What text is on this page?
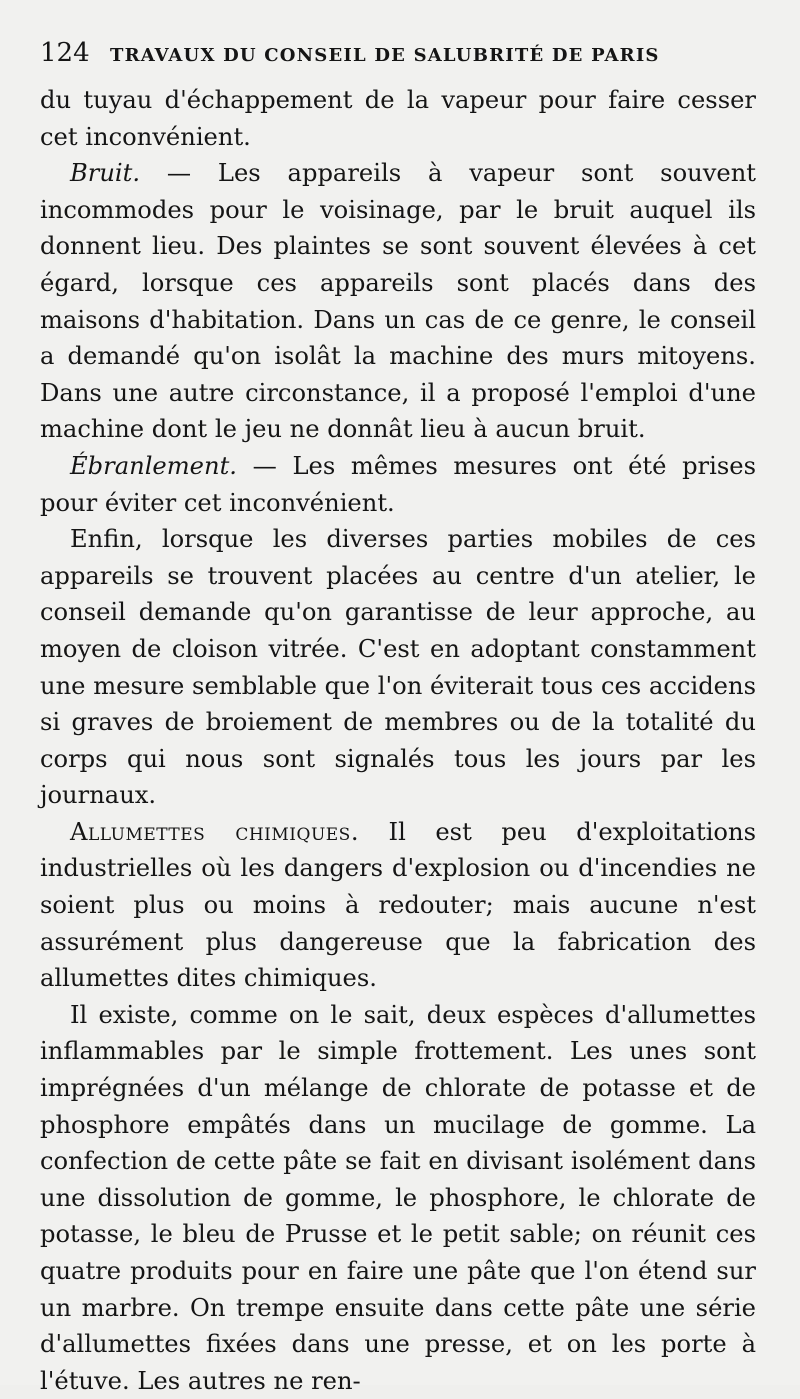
124	TRAVAUX DU CONSEIL DE SALUBRITÉ DE PARIS

du tuyau d'échappement de la vapeur pour faire cesser cet inconvénient.

Bruit. — Les appareils à vapeur sont souvent incommodes pour le voisinage, par le bruit auquel ils donnent lieu. Des plaintes se sont souvent élevées à cet égard, lorsque ces appareils sont placés dans des maisons d'habitation. Dans un cas de ce genre, le conseil a demandé qu'on isolât la machine des murs mitoyens. Dans une autre circonstance, il a proposé l'emploi d'une machine dont le jeu ne donnât lieu à aucun bruit.

Ébranlement. — Les mêmes mesures ont été prises pour éviter cet inconvénient.

Enfin, lorsque les diverses parties mobiles de ces appareils se trouvent placées au centre d'un atelier, le conseil demande qu'on garantisse de leur approche, au moyen de cloison vitrée. C'est en adoptant constamment une mesure semblable que l'on éviterait tous ces accidens si graves de broiement de membres ou de la totalité du corps qui nous sont signalés tous les jours par les journaux.

Allumettes chimiques. Il est peu d'exploitations industrielles où les dangers d'explosion ou d'incendies ne soient plus ou moins à redouter; mais aucune n'est assurément plus dangereuse que la fabrication des allumettes dites chimiques.

Il existe, comme on le sait, deux espèces d'allumettes inflammables par le simple frottement. Les unes sont imprégnées d'un mélange de chlorate de potasse et de phosphore empâtés dans un mucilage de gomme. La confection de cette pâte se fait en divisant isolément dans une dissolution de gomme, le phosphore, le chlorate de potasse, le bleu de Prusse et le petit sable; on réunit ces quatre produits pour en faire une pâte que l'on étend sur un marbre. On trempe ensuite dans cette pâte une série d'allumettes fixées dans une presse, et on les porte à l'étuve. Les autres ne ren-
